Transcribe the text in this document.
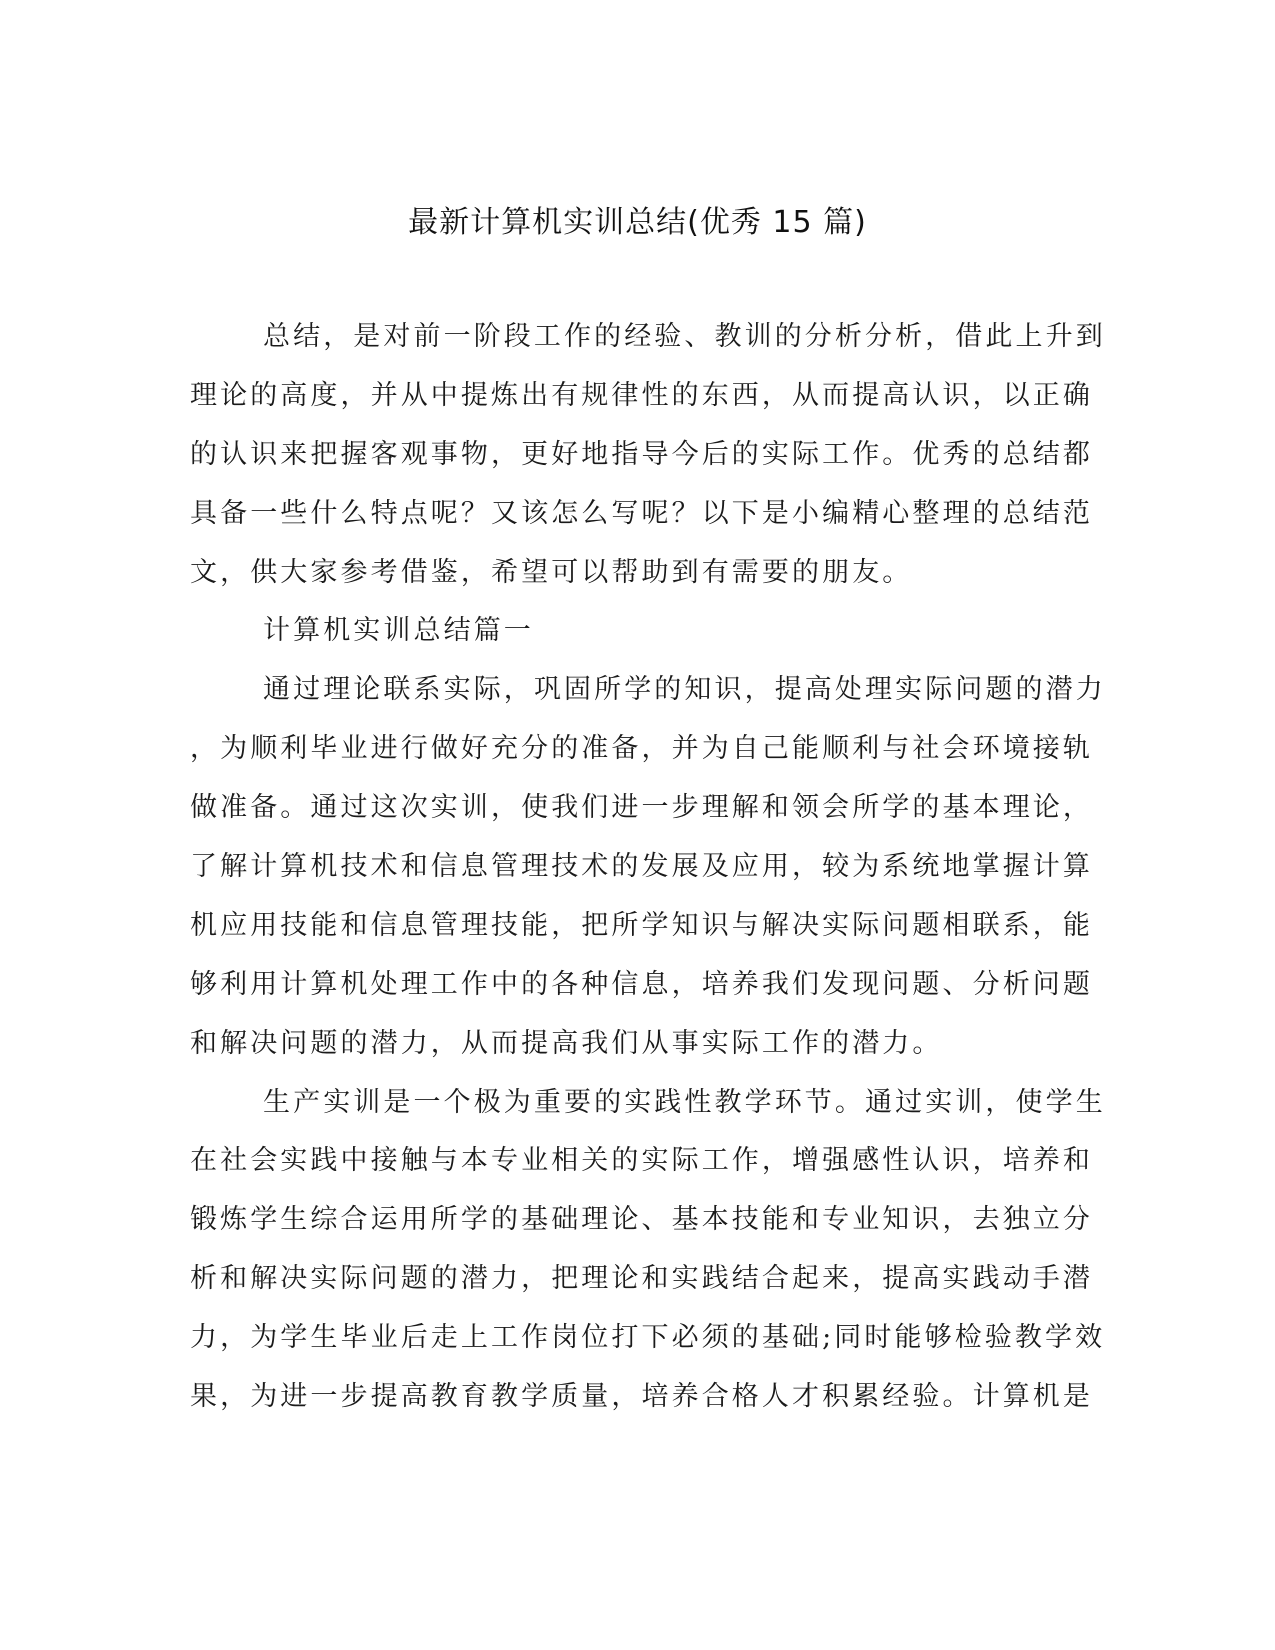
最新计算机实训总结(优秀 15 篇)
总结，是对前一阶段工作的经验、教训的分析分析，借此上升到
理论的高度，并从中提炼出有规律性的东西，从而提高认识，以正确
的认识来把握客观事物，更好地指导今后的实际工作。优秀的总结都
具备一些什么特点呢？又该怎么写呢？以下是小编精心整理的总结范
文，供大家参考借鉴，希望可以帮助到有需要的朋友。
计算机实训总结篇一
通过理论联系实际，巩固所学的知识，提高处理实际问题的潜力
，为顺利毕业进行做好充分的准备，并为自己能顺利与社会环境接轨
做准备。通过这次实训，使我们进一步理解和领会所学的基本理论，
了解计算机技术和信息管理技术的发展及应用，较为系统地掌握计算
机应用技能和信息管理技能，把所学知识与解决实际问题相联系，能
够利用计算机处理工作中的各种信息，培养我们发现问题、分析问题
和解决问题的潜力，从而提高我们从事实际工作的潜力。
生产实训是一个极为重要的实践性教学环节。通过实训，使学生
在社会实践中接触与本专业相关的实际工作，增强感性认识，培养和
锻炼学生综合运用所学的基础理论、基本技能和专业知识，去独立分
析和解决实际问题的潜力，把理论和实践结合起来，提高实践动手潜
力，为学生毕业后走上工作岗位打下必须的基础;同时能够检验教学效
果，为进一步提高教育教学质量，培养合格人才积累经验。计算机是
